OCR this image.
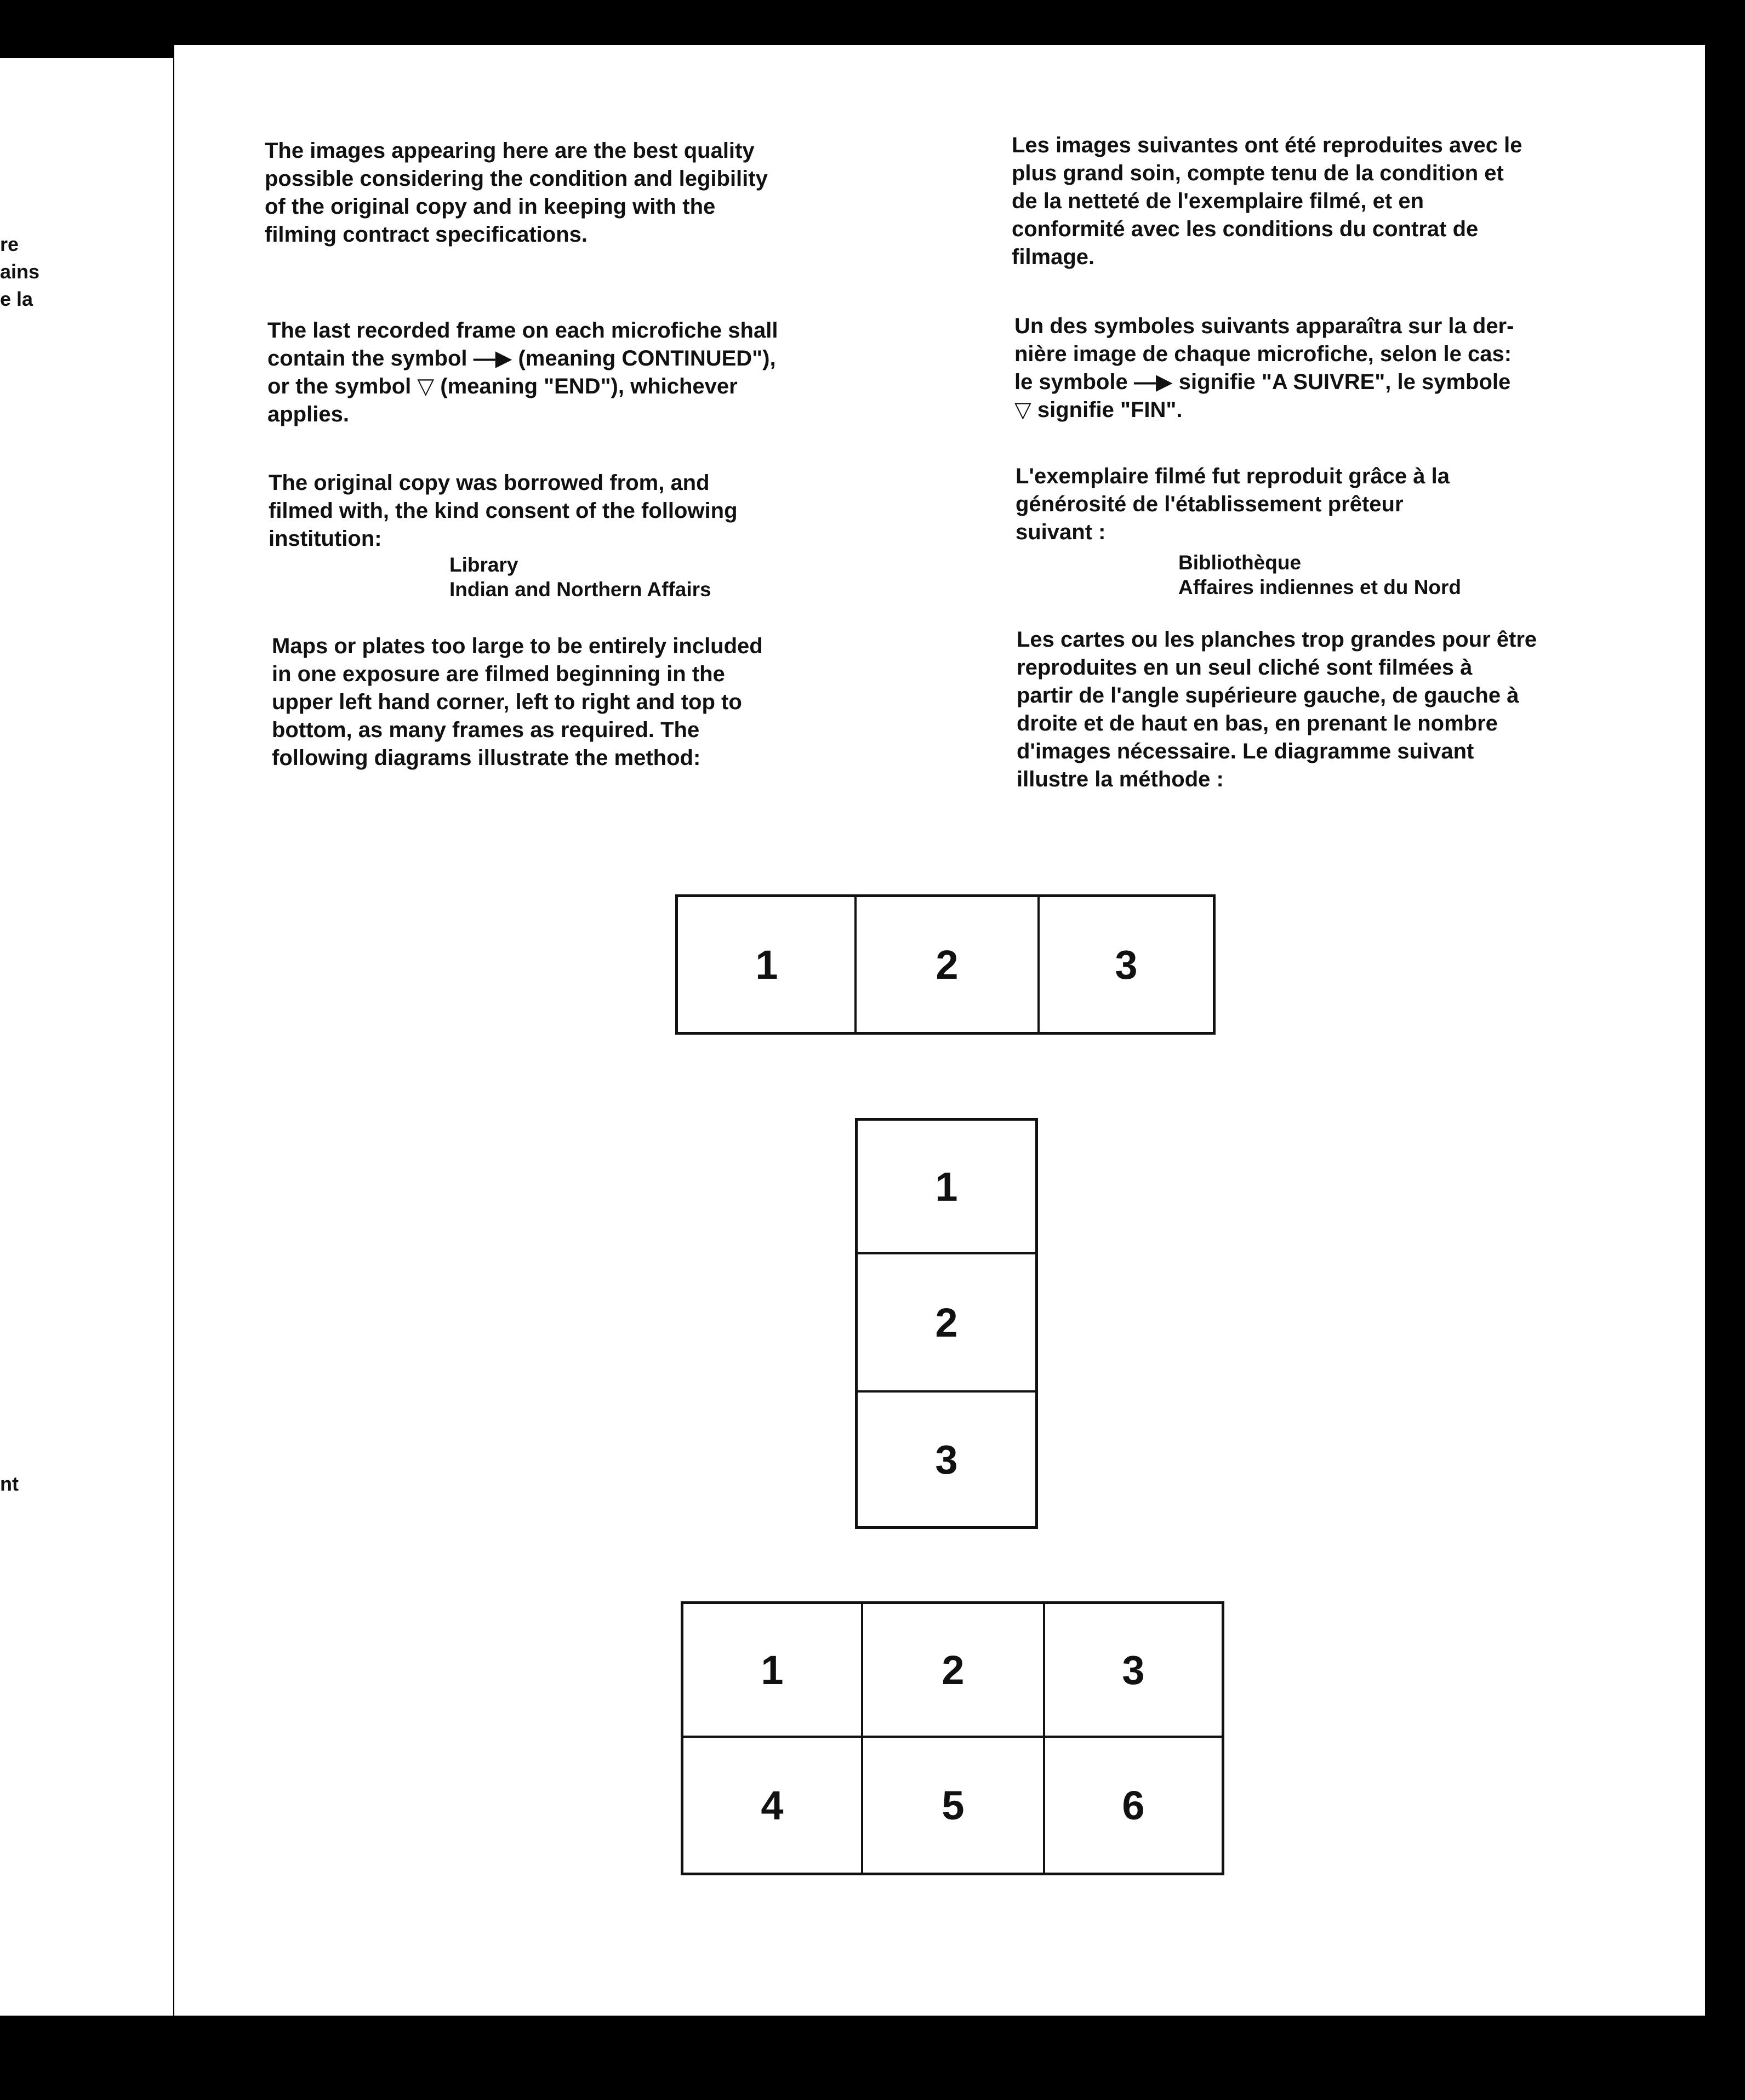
re
ains
e la
nt

The images appearing here are the best quality
possible considering the condition and legibility
of the original copy and in keeping with the
filming contract specifications.

The last recorded frame on each microfiche shall
contain the symbol —▶ (meaning CONTINUED"),
or the symbol ▽ (meaning "END"), whichever
applies.

The original copy was borrowed from, and
filmed with, the kind consent of the following
institution:

Library
Indian and Northern Affairs

Maps or plates too large to be entirely included
in one exposure are filmed beginning in the
upper left hand corner, left to right and top to
bottom, as many frames as required. The
following diagrams illustrate the method:

Les images suivantes ont été reproduites avec le
plus grand soin, compte tenu de la condition et
de la netteté de l'exemplaire filmé, et en
conformité avec les conditions du contrat de
filmage.

Un des symboles suivants apparaîtra sur la der-
nière image de chaque microfiche, selon le cas:
le symbole —▶ signifie "A SUIVRE", le symbole
▽ signifie "FIN".

L'exemplaire filmé fut reproduit grâce à la
générosité de l'établissement prêteur
suivant :

Bibliothèque
Affaires indiennes et du Nord

Les cartes ou les planches trop grandes pour être
reproduites en un seul cliché sont filmées à
partir de l'angle supérieure gauche, de gauche à
droite et de haut en bas, en prenant le nombre
d'images nécessaire. Le diagramme suivant
illustre la méthode :

1	2	3
1
2
3
1	2	3
4	5	6
